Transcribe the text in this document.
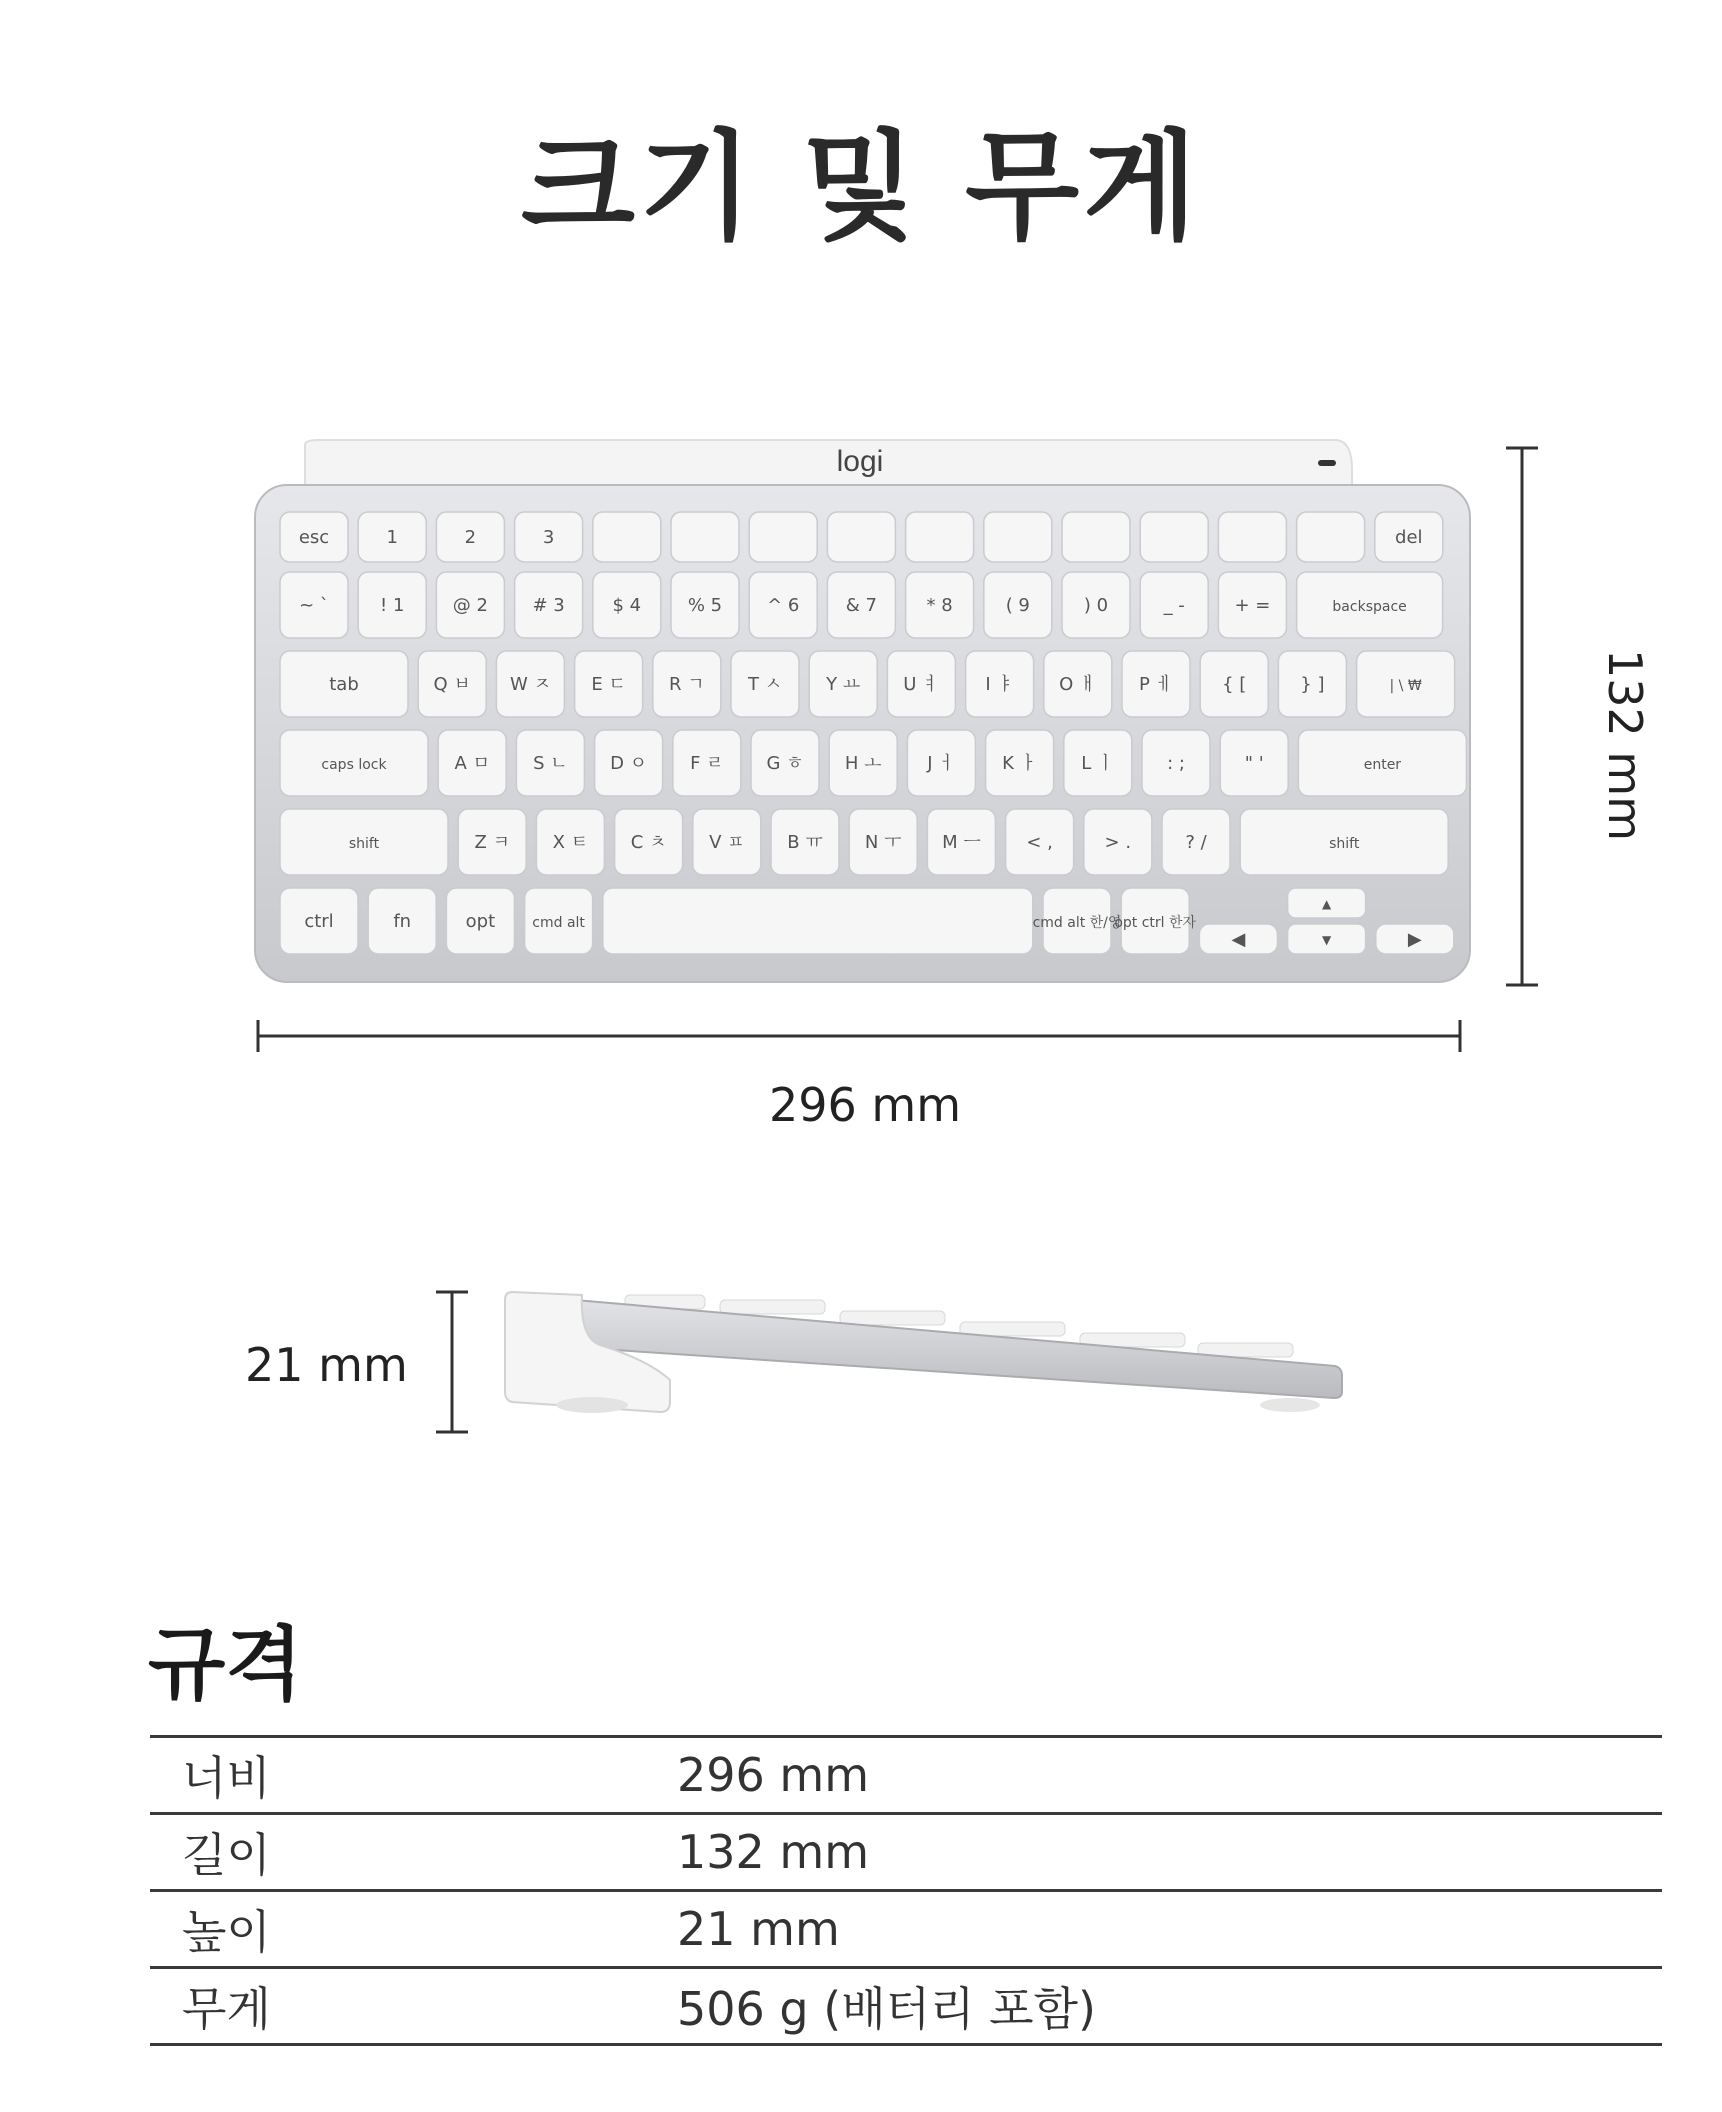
크기 및 무게
logi
esc	1	2	3	del
~ `	! 1	@ 2 # 3	$ 4	% 5 ^ 6	& 7	* 8	( 9	) 0	_ -	+ =	backspace
tab	Q ㅂ W ㅈ E ㄷ R ㄱ T ㅅ Y ㅛ U ㅕ	I ㅑ	O ㅐ P ㅔ	{ [	} ]	| \ ₩
caps lock	A ㅁ S ㄴ D ㅇ F ㄹ G ㅎ H ㅗ	J ㅓ	K ㅏ L ㅣ	: ;	" '	enter
shift	Z ㅋ X ㅌ C ㅊ V ㅍ B ㅠ N ㅜ M ㅡ	< ,	> .	? /	shift
ctrl	fn	opt	cmd alt	cmd alt 한/영
opt ctrl 한자
◀
▲
▼	▶
296 mm
132 mm
21 mm
규격
너비	296 mm
길이	132 mm
높이	21 mm
무게	506 g (배터리 포함)
